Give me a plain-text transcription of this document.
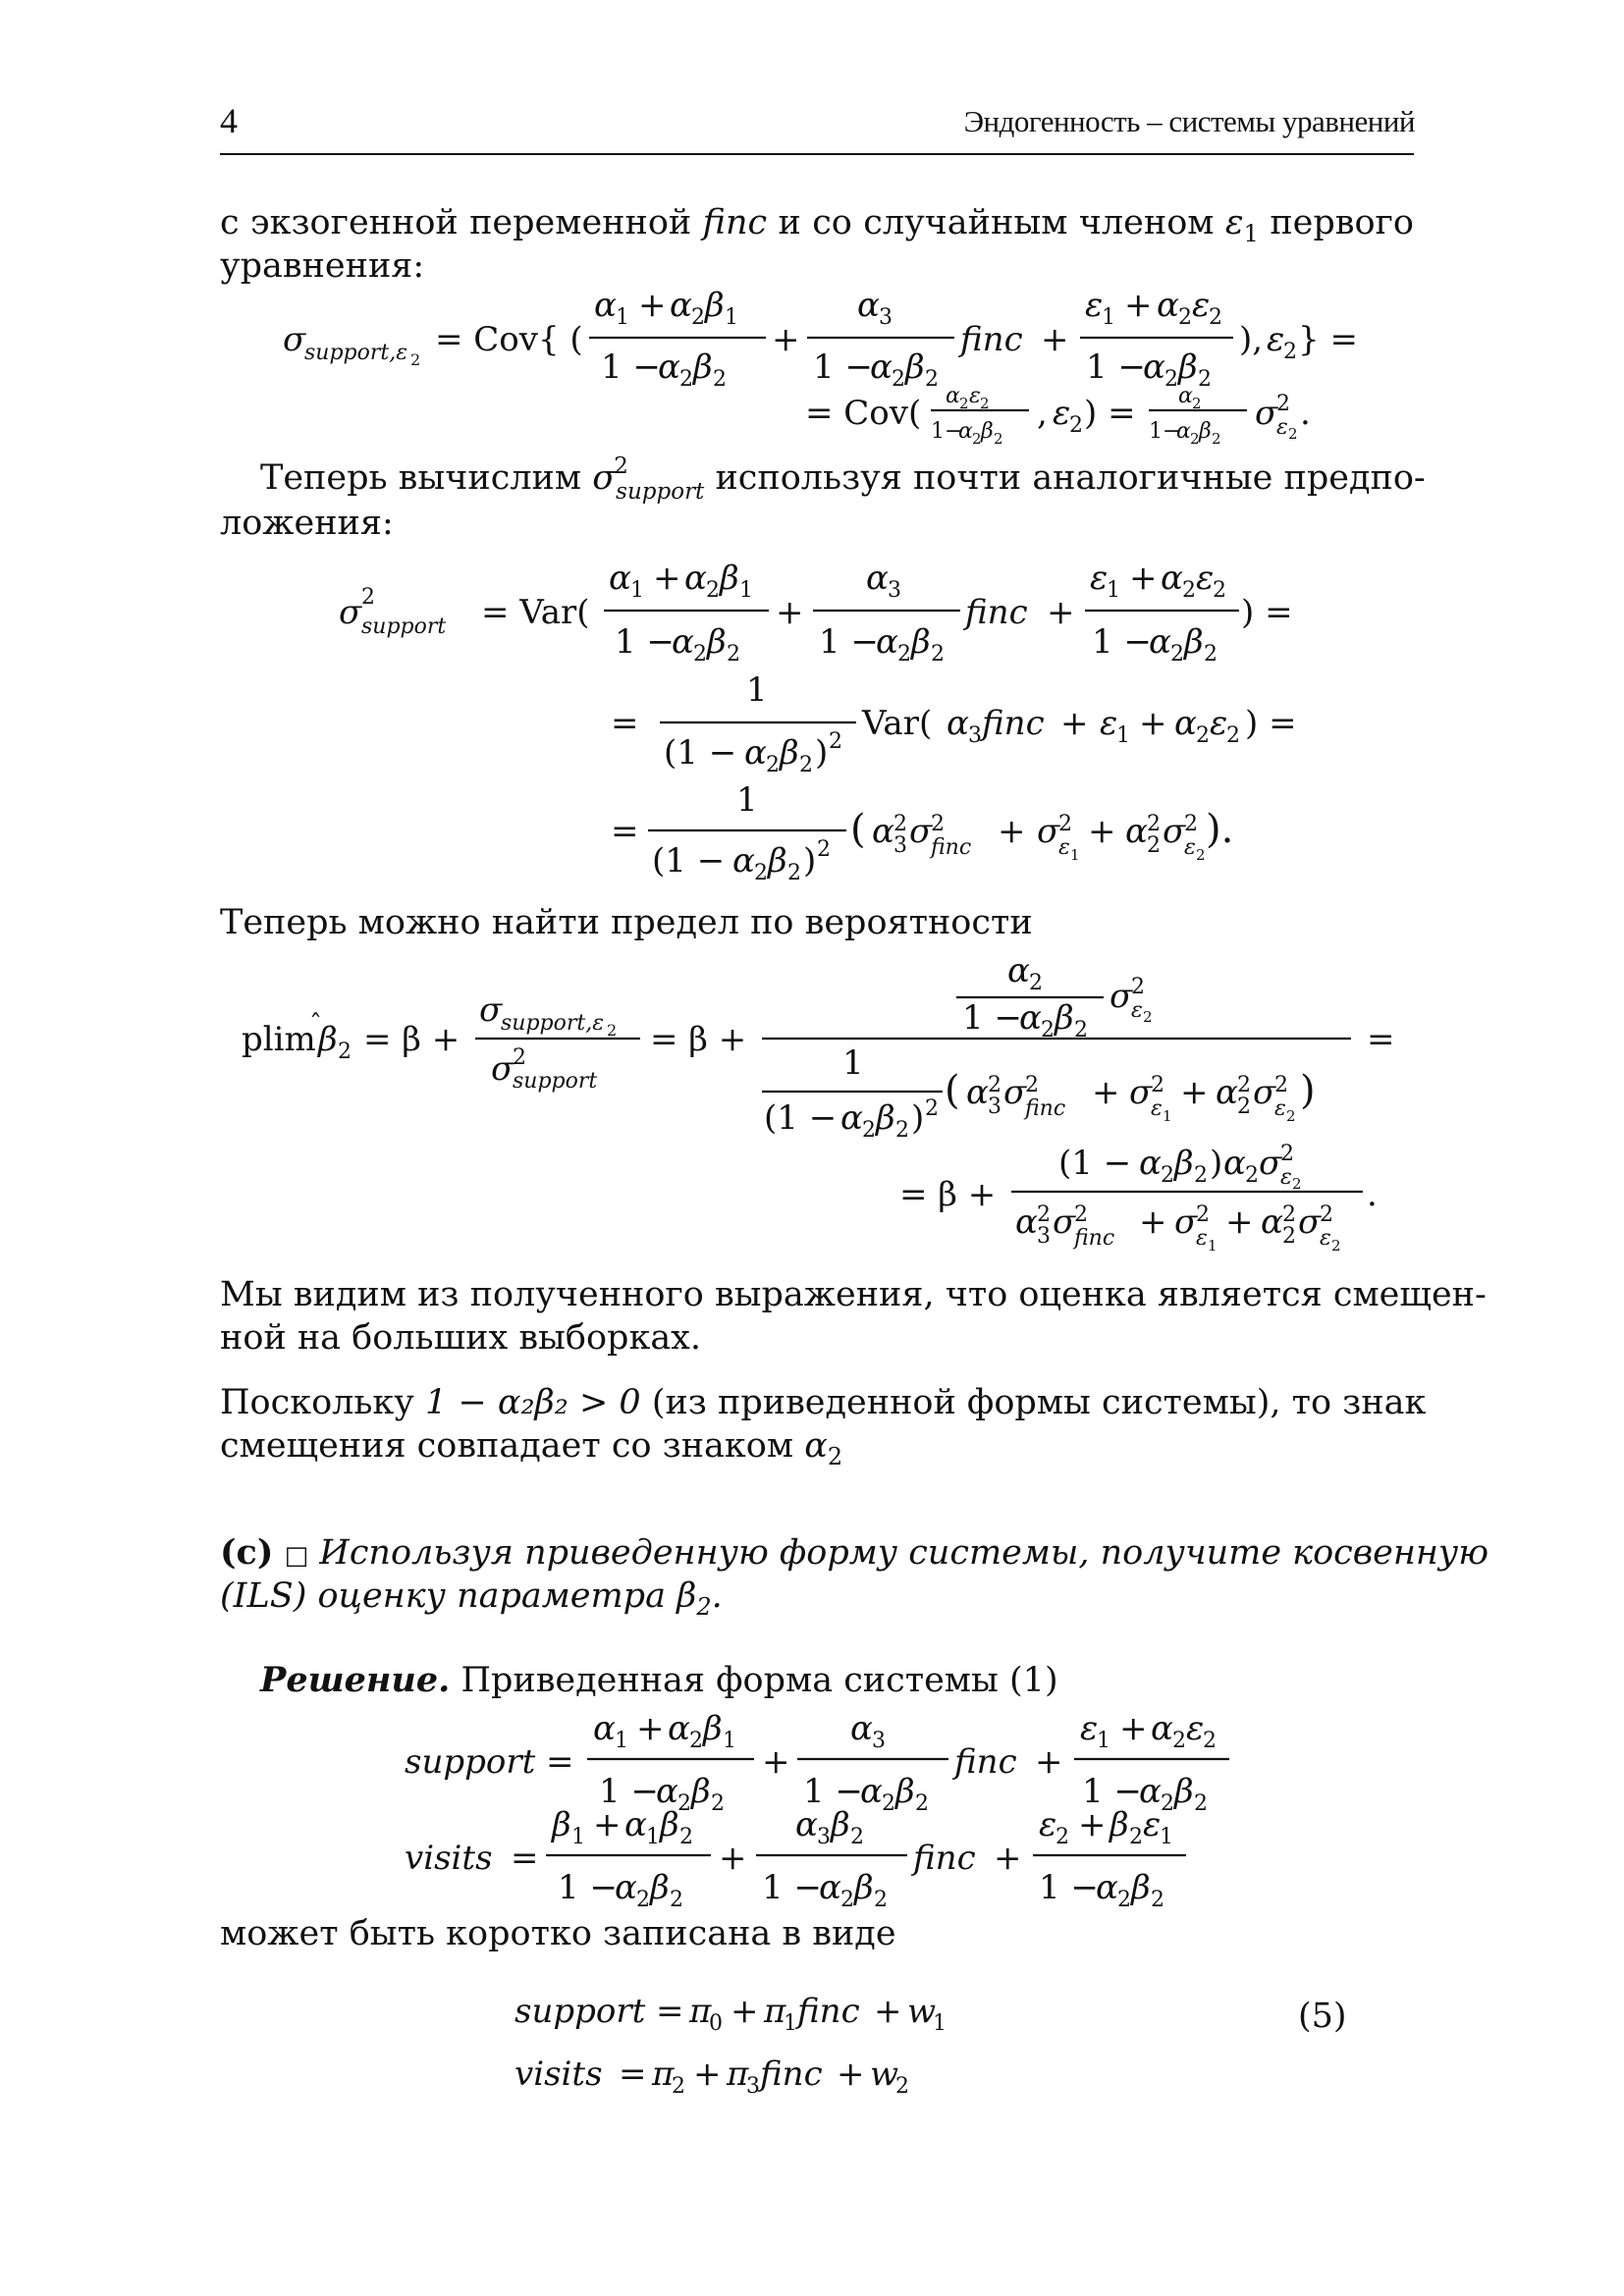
4	Эндогенность – системы уравнений
с экзогенной переменной finc и со случайным членом $\varepsilon_1$ первого
уравнения:
Теперь вычислим σ
2
$_{support}$ используя почти аналогичные предпо-
ложения:
Теперь можно найти предел по вероятности
Мы видим из полученного выражения, что оценка является смещен-
ной на больших выборках.
Поскольку 1 − α₂β₂ > 0 (из приведенной формы системы), то знак
смещения совпадает со знаком $\alpha_2$
(c) □ Используя приведенную форму системы, получите косвенную
(ILS) оценку параметра $\beta_2$.
Решение. Приведенная форма системы (1)
может быть коротко записана в виде
(5)
σ
support,ε 2
= Cov{ (
α 1 + α 2 β 1
1 −
α 2 β 2
+
α 3
1 −
α 2 β 2
finc +
ε
1 + α 2 ε
2
1 −
α 2 β 2
), ε
2 } =
= Cov( α 2 ε 2
1−
α 2 β 2
, ε
2 ) = α 2
1−
α 2 β 2
σ
2
ε 2
.
σ 2
support = Var(
α 1 + α 2 β 1
1 −
α 2 β 2
+
α 3
1 −
α 2 β 2
finc +
ε
1 + α 2 ε
2
1 −
α 2 β 2
) =
=
1
(1 − α 2 β 2 ) 2 Var( α 3 finc + ε
1 + α 2 ε
2 ) =
=
1
(1 − α 2 β 2 ) 2 ( α 2
3 σ
2
finc + σ
2
ε 1
+ α 2
2 σ
2
ε 2
).
plim β 2 = β +
σ
support,ε 2
σ
2
support
= β +
α 2
1 −
α 2 β 2
σ
2
ε 2
=
1
(1 − α 2 β 2 ) 2 ( α 2
3 σ
2
finc + σ
2
ε 1
+ α 2
2 σ
2
ε 2
)
= β +
(1 − α 2 β 2 ) α 2 σ
2
ε 2
α 2
3 σ
2
finc + σ
2
ε 1
+ α 2
2 σ
2
ε 2
.
support =
α 1 + α 2 β 1
1 −
α 2 β 2
+
α 3
1 −
α 2 β 2
finc +
ε
1 + α 2 ε
2
1 −
α 2 β 2
visits =
β 1 + α 1 β 2
1 −
α 2 β 2
+
α 3 β 2
1 −
α 2 β 2
finc +
ε
2 + β 2 ε
1
1 −
α 2 β 2
support = π
0 + π
1 finc + w
1
visits = π
2 + π
3 finc + w
2
